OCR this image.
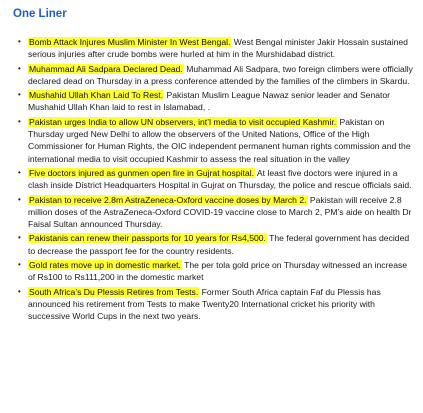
One Liner
• Bomb Attack Injures Muslim Minister In West Bengal. West Bengal minister Jakir Hossain sustained serious injuries after crude bombs were hurled at him in the Murshidabad district.
• Muhammad Ali Sadpara Declared Dead. Muhammad Ali Sadpara, two foreign climbers were officially declared dead on Thursday in a press conference attended by the families of the climbers in Skardu.
• Mushahid Ullah Khan Laid To Rest. Pakistan Muslim League Nawaz senior leader and Senator Mushahid Ullah Khan laid to rest in Islamabad, .
• Pakistan urges India to allow UN observers, int’l media to visit occupied Kashmir. Pakistan on Thursday urged New Delhi to allow the observers of the United Nations, Office of the High Commissioner for Human Rights, the OIC independent permanent human rights commission and the international media to visit occupied Kashmir to assess the real situation in the valley
• Five doctors injured as gunmen open fire in Gujrat hospital. At least five doctors were injured in a clash inside District Headquarters Hospital in Gujrat on Thursday, the police and rescue officials said.
• Pakistan to receive 2.8m AstraZeneca-Oxford vaccine doses by March 2. Pakistan will receive 2.8 million doses of the AstraZeneca-Oxford COVID-19 vaccine close to March 2, PM’s aide on health Dr Faisal Sultan announced Thursday.
• Pakistanis can renew their passports for 10 years for Rs4,500. The federal government has decided to decrease the passport fee for the country residents.
• Gold rates move up in domestic market. The per tola gold price on Thursday witnessed an increase of Rs100 to Rs111,200 in the domestic market
• South Africa’s Du Plessis Retires from Tests. Former South Africa captain Faf du Plessis has announced his retirement from Tests to make Twenty20 International cricket his priority with successive World Cups in the next two years.
